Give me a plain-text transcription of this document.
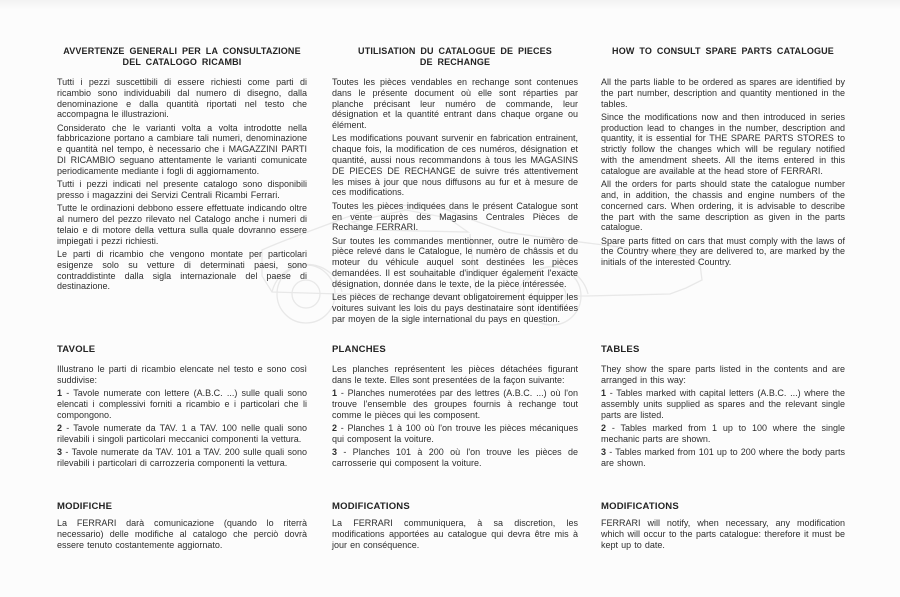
AVVERTENZE GENERALI PER LA CONSULTAZIONE
DEL CATALOGO RICAMBI

Tutti i pezzi suscettibili di essere richiesti come parti di ricambio sono individuabili dal numero di disegno, dalla denominazione e dalla quantità riportati nel testo che accompagna le illustrazioni.

Considerato che le varianti volta a volta introdotte nella fabbricazione portano a cambiare tali numeri, denominazione e quantità nel tempo, è necessario che i MAGAZZINI PARTI DI RICAMBIO seguano attentamente le varianti comunicate periodicamente mediante i fogli di aggiornamento.

Tutti i pezzi indicati nel presente catalogo sono disponibili presso i magazzini dei Servizi Centrali Ricambi Ferrari.

Tutte le ordinazioni debbono essere effettuate indicando oltre al numero del pezzo rilevato nel Catalogo anche i numeri di telaio e di motore della vettura sulla quale dovranno essere impiegati i pezzi richiesti.

Le parti di ricambio che vengono montate per particolari esigenze solo su vetture di determinati paesi, sono contraddistinte dalla sigla internazionale del paese di destinazione.

UTILISATION DU CATALOGUE DE PIECES
DE RECHANGE

Toutes les pièces vendables en rechange sont contenues dans le présente document où elle sont réparties par planche précisant leur numéro de commande, leur désignation et la quantité entrant dans chaque organe ou élément.

Les modifications pouvant survenir en fabrication entrainent, chaque fois, la modification de ces numéros, désignation et quantité, aussi nous recommandons à tous les MAGASINS DE PIECES DE RECHANGE de suivre trés attentivement les mises à jour que nous diffusons au fur et à mesure de ces modifications.

Toutes les pièces indiquées dans le présent Catalogue sont en vente auprès des Magasins Centrales Pièces de Rechange FERRARI.

Sur toutes les commandes mentionner, outre le numèro de pièce relevé dans le Catalogue, le numèro de châssis et du moteur du véhicule auquel sont destinées les pièces demandées. Il est souhaitable d'indiquer également l'exacte désignation, donnée dans le texte, de la pièce intéressée.

Les pièces de rechange devant obligatoirement équipper les voitures suivant les lois du pays destinataire sont identifiées par moyen de la sigle international du pays en question.

HOW TO CONSULT SPARE PARTS CATALOGUE

All the parts liable to be ordered as spares are identified by the part number, description and quantity mentioned in the tables.

Since the modifications now and then introduced in series production lead to changes in the number, description and quantity, it is essential for THE SPARE PARTS STORES to strictly follow the changes which will be regulary notified with the amendment sheets. All the items entered in this catalogue are available at the head store of FERRARI.

All the orders for parts should state the catalogue number and, in addition, the chassis and engine numbers of the concerned cars. When ordering, it is advisable to describe the part with the same description as given in the parts catalogue.

Spare parts fitted on cars that must comply with the laws of the Country where they are delivered to, are marked by the initials of the interested Country.

TAVOLE

Illustrano le parti di ricambio elencate nel testo e sono così suddivise:

1 - Tavole numerate con lettere (A.B.C. ...) sulle quali sono elencati i complessivi forniti a ricambio e i particolari che li compongono.

2 - Tavole numerate da TAV. 1 a TAV. 100 nelle quali sono rilevabili i singoli particolari meccanici componenti la vettura.

3 - Tavole numerate da TAV. 101 a TAV. 200 sulle quali sono rilevabili i particolari di carrozzeria componenti la vettura.

PLANCHES

Les planches représentent les pièces détachées figurant dans le texte. Elles sont presentées de la façon suivante:

1 - Planches numerotées par des lettres (A.B.C. ...) où l'on trouve l'ensemble des groupes fournis à rechange tout comme le pièces qui les composent.

2 - Planches 1 à 100 où l'on trouve les pièces mécaniques qui composent la voiture.

3 - Planches 101 à 200 où l'on trouve les pièces de carrosserie qui composent la voiture.

TABLES

They show the spare parts listed in the contents and are arranged in this way:

1 - Tables marked with capital letters (A.B.C. ...) where the assembly units supplied as spares and the relevant single parts are listed.

2 - Tables marked from 1 up to 100 where the single mechanic parts are shown.

3 - Tables marked from 101 up to 200 where the body parts are shown.

MODIFICHE

La FERRARI darà comunicazione (quando lo riterrà necessario) delle modifiche al catalogo che perciò dovrà essere tenuto costantemente aggiornato.

MODIFICATIONS

La FERRARI communiquera, à sa discretion, les modifications apportées au catalogue qui devra être mis à jour en conséquence.

MODIFICATIONS

FERRARI will notify, when necessary, any modification which will occur to the parts catalogue: therefore it must be kept up to date.
